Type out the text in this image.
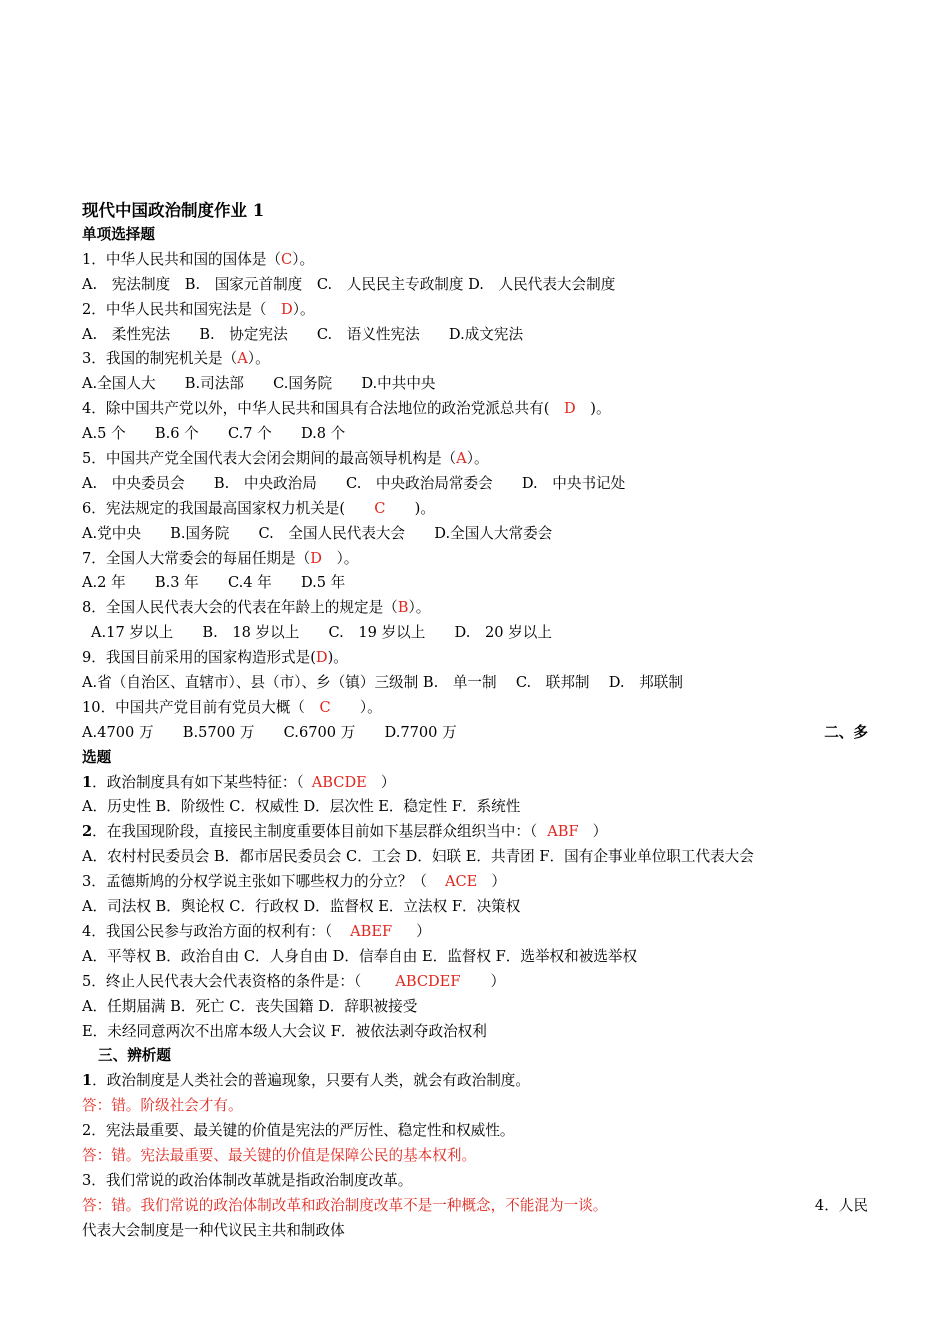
现代中国政治制度作业 1
单项选择题
1．中华人民共和国的国体是（C）。
A.　宪法制度　B.　国家元首制度　C.　人民民主专政制度 D.　人民代表大会制度
2．中华人民共和国宪法是（　D）。
A.　柔性宪法　　B.　协定宪法　　C.　语义性宪法　　D.成文宪法
3．我国的制宪机关是（A）。
A.全国人大　　B.司法部　　C.国务院　　D.中共中央
4．除中国共产党以外，中华人民共和国具有合法地位的政治党派总共有(　D　)。
A.5 个　　B.6 个　　C.7 个　　D.8 个
5．中国共产党全国代表大会闭会期间的最高领导机构是（A）。
A.　中央委员会　　B.　中央政治局　　C.　中央政治局常委会　　D.　中央书记处
6．宪法规定的我国最高国家权力机关是(　　C　　)。
A.党中央　　B.国务院　　C.　全国人民代表大会　　D.全国人大常委会
7．全国人大常委会的每届任期是（D　）。
A.2 年　　B.3 年　　C.4 年　　D.5 年
8．全国人民代表大会的代表在年龄上的规定是（B）。
A.17 岁以上　　B.　18 岁以上　　C.　19 岁以上　　D.　20 岁以上
9．我国目前采用的国家构造形式是(D)。
A.省（自治区、直辖市）、县（市）、乡（镇）三级制 B.　单一制　 C.　联邦制　 D.　邦联制
10．中国共产党目前有党员大概（　C　　）。
A.4700 万　　B.5700 万　　C.6700 万　　D.7700 万	二、多
选题
1．政治制度具有如下某些特征：（ ABCDE ）
A．历史性 B．阶级性 C．权威性 D．层次性 E．稳定性 F．系统性
2．在我国现阶段，直接民主制度重要体目前如下基层群众组织当中：（ ABF ）
A．农村村民委员会 B．都市居民委员会 C．工会 D．妇联 E．共青团 F．国有企事业单位职工代表大会
3．孟德斯鸠的分权学说主张如下哪些权力的分立？（ ACE ）
A．司法权 B．舆论权 C．行政权 D．监督权 E．立法权 F．决策权
4．我国公民参与政治方面的权利有：（ ABEF ）
A．平等权 B．政治自由 C．人身自由 D．信奉自由 E．监督权 F．选举权和被选举权
5．终止人民代表大会代表资格的条件是：（ ABCDEF ）
A．任期届满 B．死亡 C．丧失国籍 D．辞职被接受
E．未经同意两次不出席本级人大会议 F．被依法剥夺政治权利
三、辨析题
1．政治制度是人类社会的普遍现象，只要有人类，就会有政治制度。
答：错。阶级社会才有。
2．宪法最重要、最关键的价值是宪法的严厉性、稳定性和权威性。
答：错。宪法最重要、最关键的价值是保障公民的基本权利。
3．我们常说的政治体制改革就是指政治制度改革。
答：错。我们常说的政治体制改革和政治制度改革不是一种概念，不能混为一谈。	4．人民
代表大会制度是一种代议民主共和制政体
